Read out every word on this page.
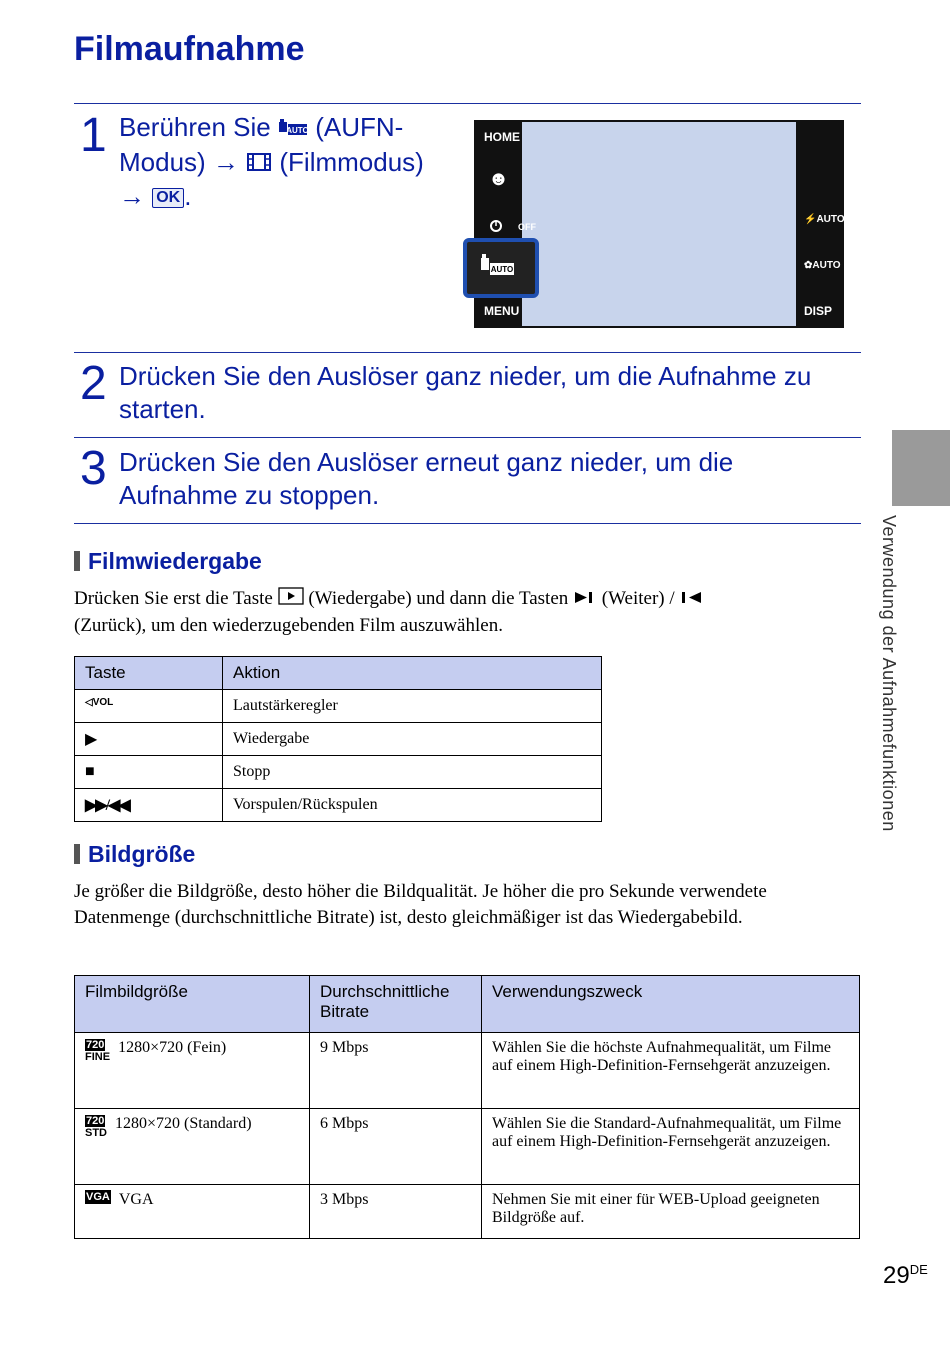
Filmaufnahme
1 Berühren Sie AUTO (AUFN-
Modus) →  (Filmmodus)
→ OK .
HOME
☻
OFF
MENU
⚡AUTO
✿AUTO
DISP
AUTO
2 Drücken Sie den Auslöser ganz nieder, um die Aufnahme zu
starten.
3 Drücken Sie den Auslöser erneut ganz nieder, um die
Aufnahme zu stoppen.
Filmwiedergabe
Drücken Sie erst die Taste (Wiedergabe) und dann die Tasten (Weiter) /
(Zurück), um den wiederzugebenden Film auszuwählen.
Taste	Aktion
◁VOL	Lautstärkeregler
▶	Wiedergabe
■	Stopp
▶▶/◀◀	Vorspulen/Rückspulen
Bildgröße
Je größer die Bildgröße, desto höher die Bildqualität. Je höher die pro Sekunde verwendete Datenmenge (durchschnittliche Bitrate) ist, desto gleichmäßiger ist das Wiedergabebild.
Filmbildgröße	Durchschnittliche Bitrate	Verwendungszweck
720
FINE 1280×720 (Fein)	9 Mbps	Wählen Sie die höchste Aufnahmequalität, um Filme auf einem High-Definition-Fernsehgerät anzuzeigen.
720
STD 1280×720 (Standard)	6 Mbps	Wählen Sie die Standard-Aufnahmequalität, um Filme auf einem High-Definition-Fernsehgerät anzuzeigen.
VGA VGA	3 Mbps	Nehmen Sie mit einer für WEB-Upload geeigneten Bildgröße auf.
Verwendung der Aufnahmefunktionen
29DE
